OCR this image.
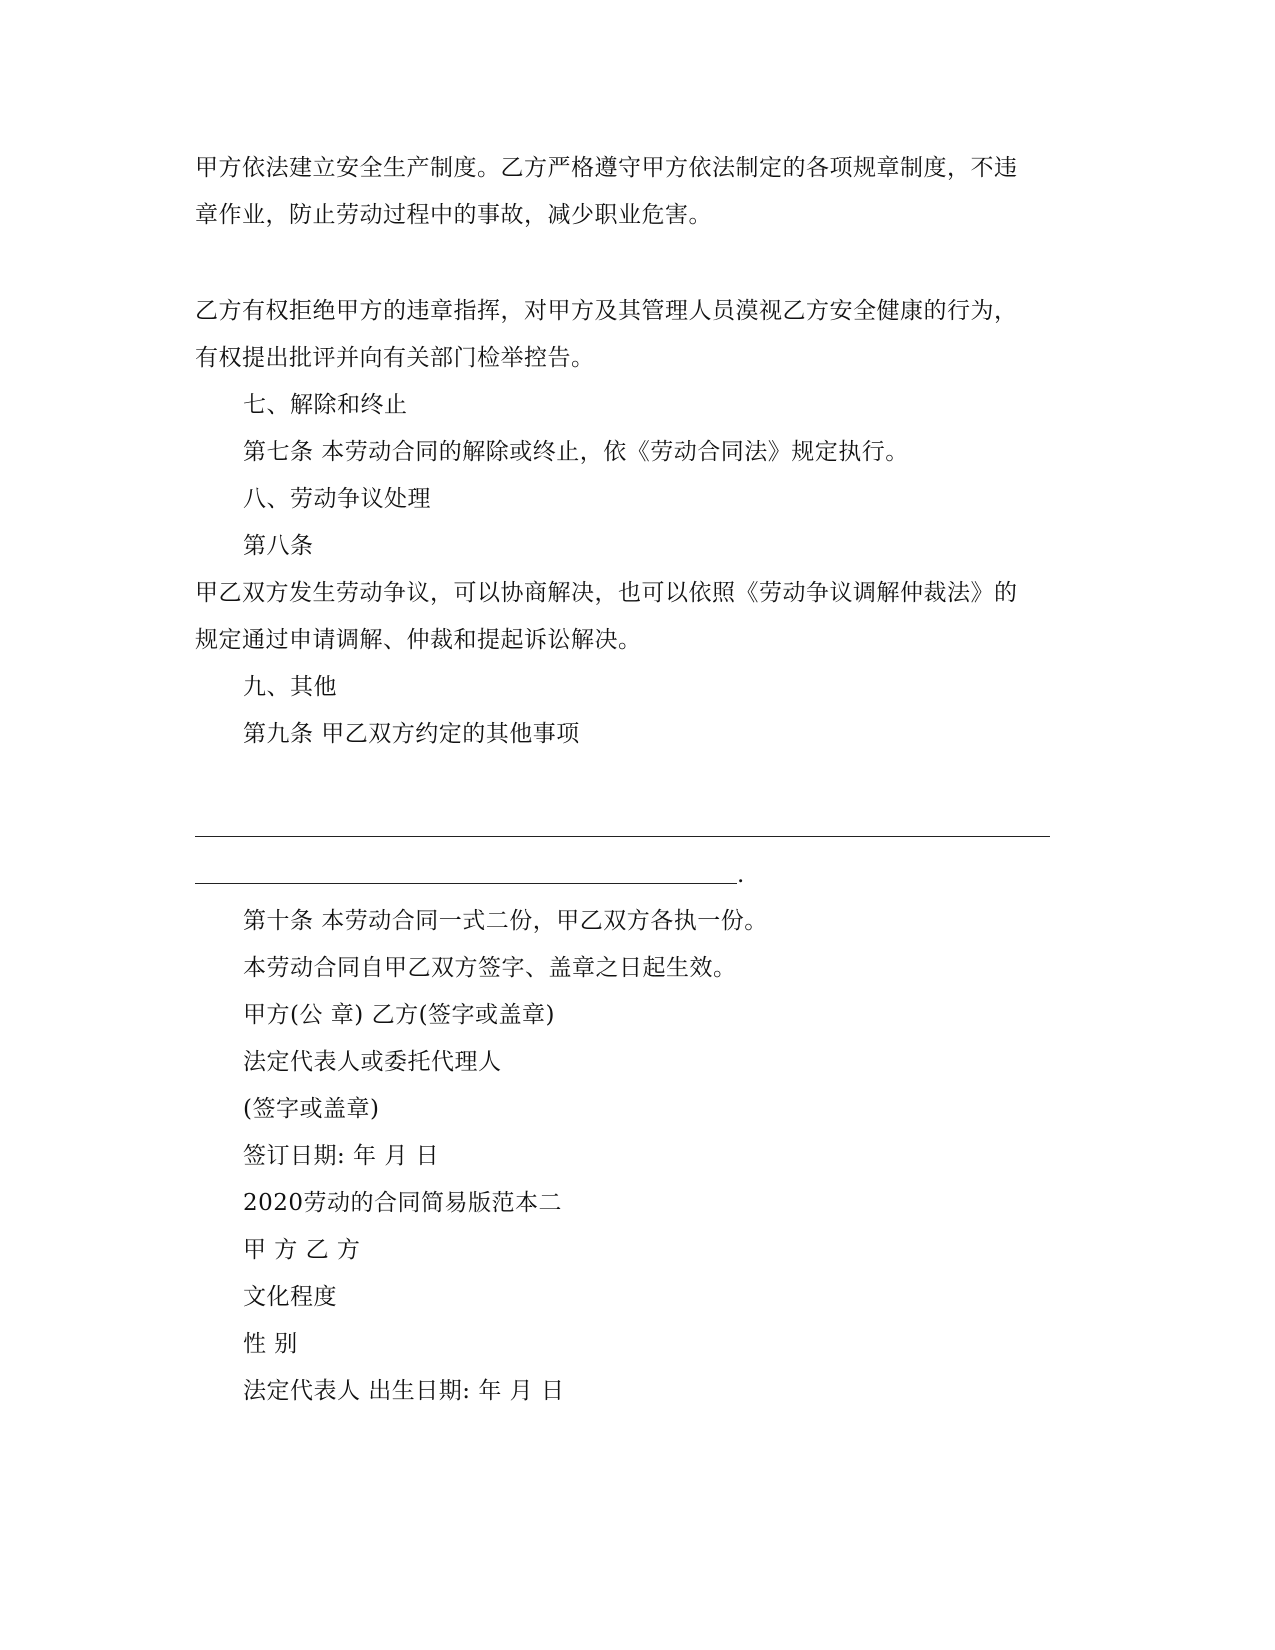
甲方依法建立安全生产制度。乙方严格遵守甲方依法制定的各项规章制度，不违
章作业，防止劳动过程中的事故，减少职业危害。
乙方有权拒绝甲方的违章指挥，对甲方及其管理人员漠视乙方安全健康的行为，
有权提出批评并向有关部门检举控告。
七、解除和终止
第七条 本劳动合同的解除或终止，依《劳动合同法》规定执行。
八、劳动争议处理
第八条
甲乙双方发生劳动争议，可以协商解决，也可以依照《劳动争议调解仲裁法》的
规定通过申请调解、仲裁和提起诉讼解决。
九、其他
第九条 甲乙双方约定的其他事项
.
第十条 本劳动合同一式二份，甲乙双方各执一份。
本劳动合同自甲乙双方签字、盖章之日起生效。
甲方(公 章) 乙方(签字或盖章)
法定代表人或委托代理人
(签字或盖章)
签订日期: 年 月 日
2020劳动的合同简易版范本二
甲 方 乙 方
文化程度
性 别
法定代表人 出生日期: 年 月 日
